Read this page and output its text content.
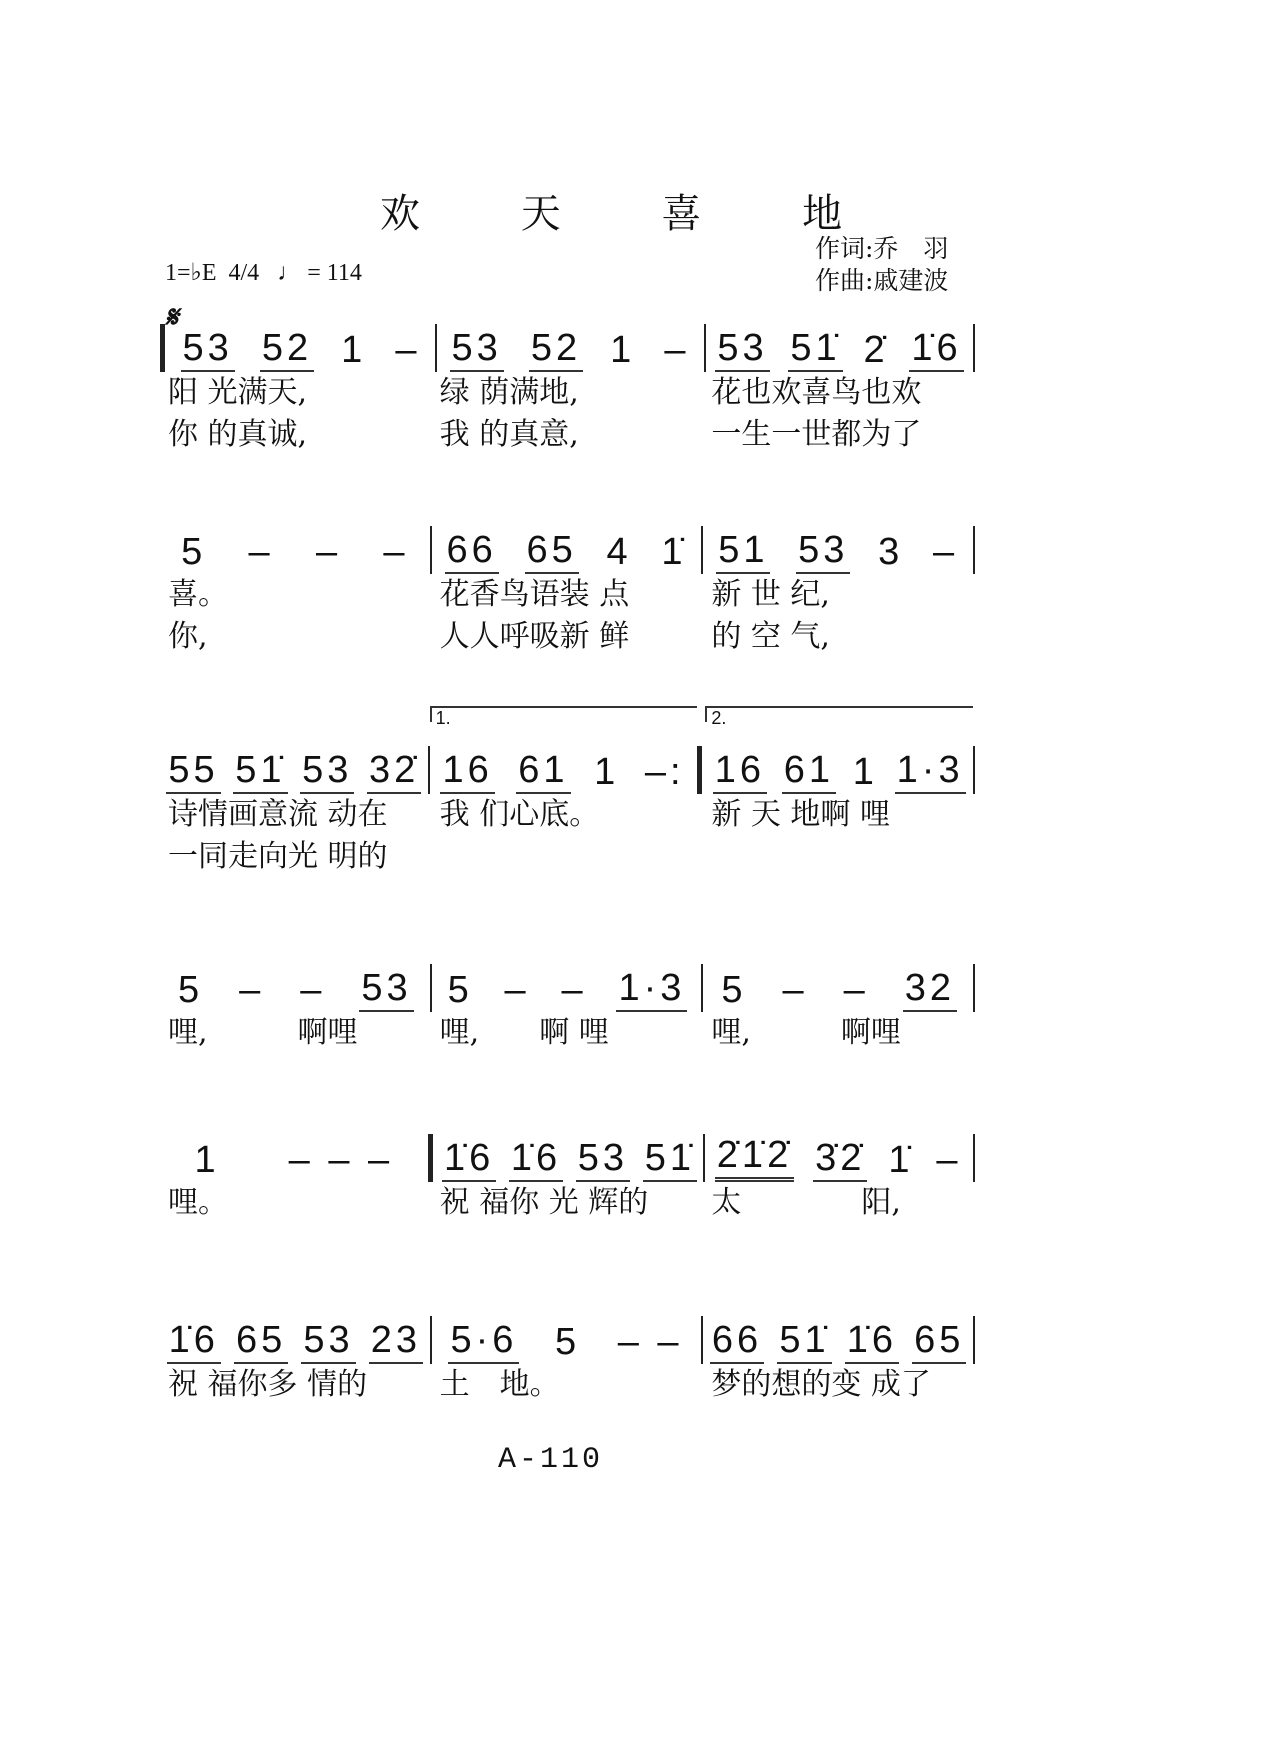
欢 天 喜 地
作词:乔　羽
作曲:戚建波
1=♭E 4/4 ♩ = 114
𝄋
53 52 1 – 53 52 1 – 53 51̇ 2̇ 1̇6
阳 光满天,	绿 荫满地,	花也欢喜鸟也欢
你 的真诚,	我 的真意,	一生一世都为了
5 – – – 66 65 4 1̇ 51 53 3 –
喜。	花香鸟语装 点	新 世 纪,
你,	人人呼吸新 鲜	的 空 气,
55 51̇ 53 32̇
1.
16 61 1 –:
2.
16 61 1 1·3
诗情画意流 动在	我 们心底。	新 天 地啊 哩
一同走向光 明的
5 – – 53 5 – – 1·3 5 – – 32
哩,　　　啊哩	哩,　　啊 哩	哩,　　　啊哩
1 – – – 1̇6 1̇6 53 51̇ 2̇1̇2̇ 3̇2̇ 1̇ –
哩。	祝 福你 光 辉的	太　　　　阳,
1̇6 65 53 23 5·6 5 – – 66 51̇ 1̇6 65
祝 福你多 情的	土　地。	梦的想的变 成了
A-110
